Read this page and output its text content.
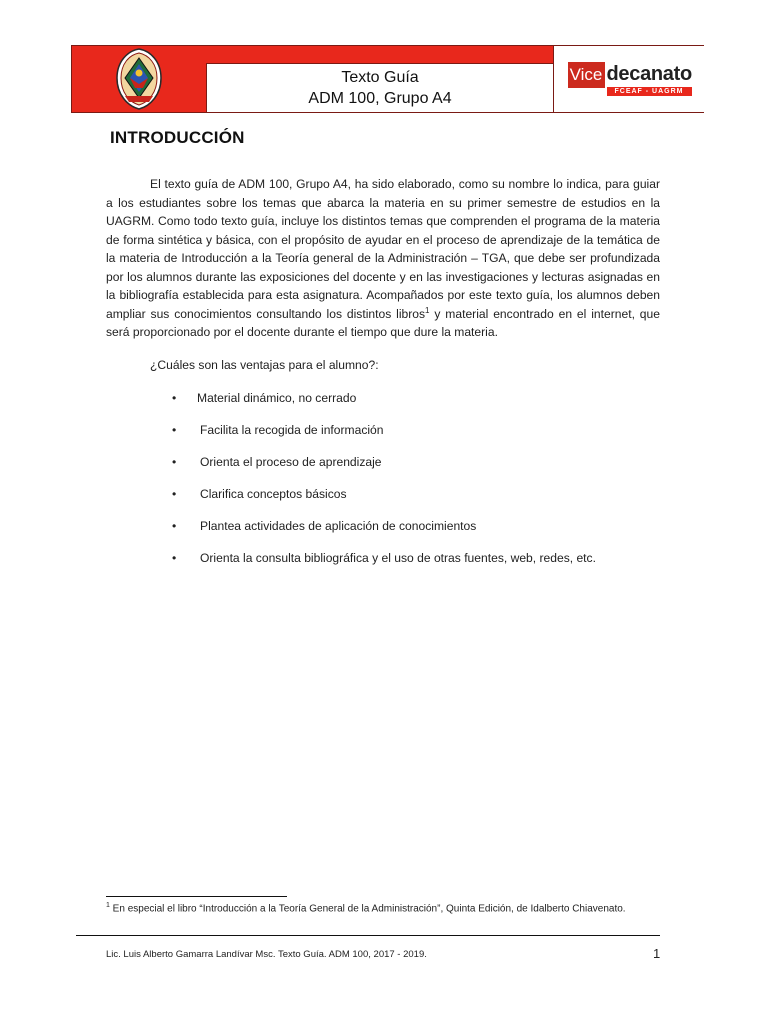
Texto Guía
ADM 100, Grupo A4
Vice decanato
FCEAF - UAGRM
INTRODUCCIÓN

El texto guía de ADM 100, Grupo A4, ha sido elaborado, como su nombre lo indica, para guiar a los estudiantes sobre los temas que abarca la materia en su primer semestre de estudios en la UAGRM. Como todo texto guía, incluye los distintos temas que comprenden el programa de la materia de forma sintética y básica, con el propósito de ayudar en el proceso de aprendizaje de la temática de la materia de Introducción a la Teoría general de la Administración – TGA, que debe ser profundizada por los alumnos durante las exposiciones del docente y en las investigaciones y lecturas asignadas en la bibliografía establecida para esta asignatura. Acompañados por este texto guía, los alumnos deben ampliar sus conocimientos consultando los distintos libros$^1$ y material encontrado en el internet, que será proporcionado por el docente durante el tiempo que dure la materia.

¿Cuáles son las ventajas para el alumno?:

•	Material dinámico, no cerrado
•	Facilita la recogida de información
•	Orienta el proceso de aprendizaje
•	Clarifica conceptos básicos
•	Plantea actividades de aplicación de conocimientos
•	Orienta la consulta bibliográfica y el uso de otras fuentes, web, redes, etc.

$^1$ En especial el libro “Introducción a la Teoría General de la Administración”, Quinta Edición, de Idalberto Chiavenato.

Lic. Luis Alberto Gamarra Landívar Msc. Texto Guía. ADM 100, 2017 - 2019.	1
